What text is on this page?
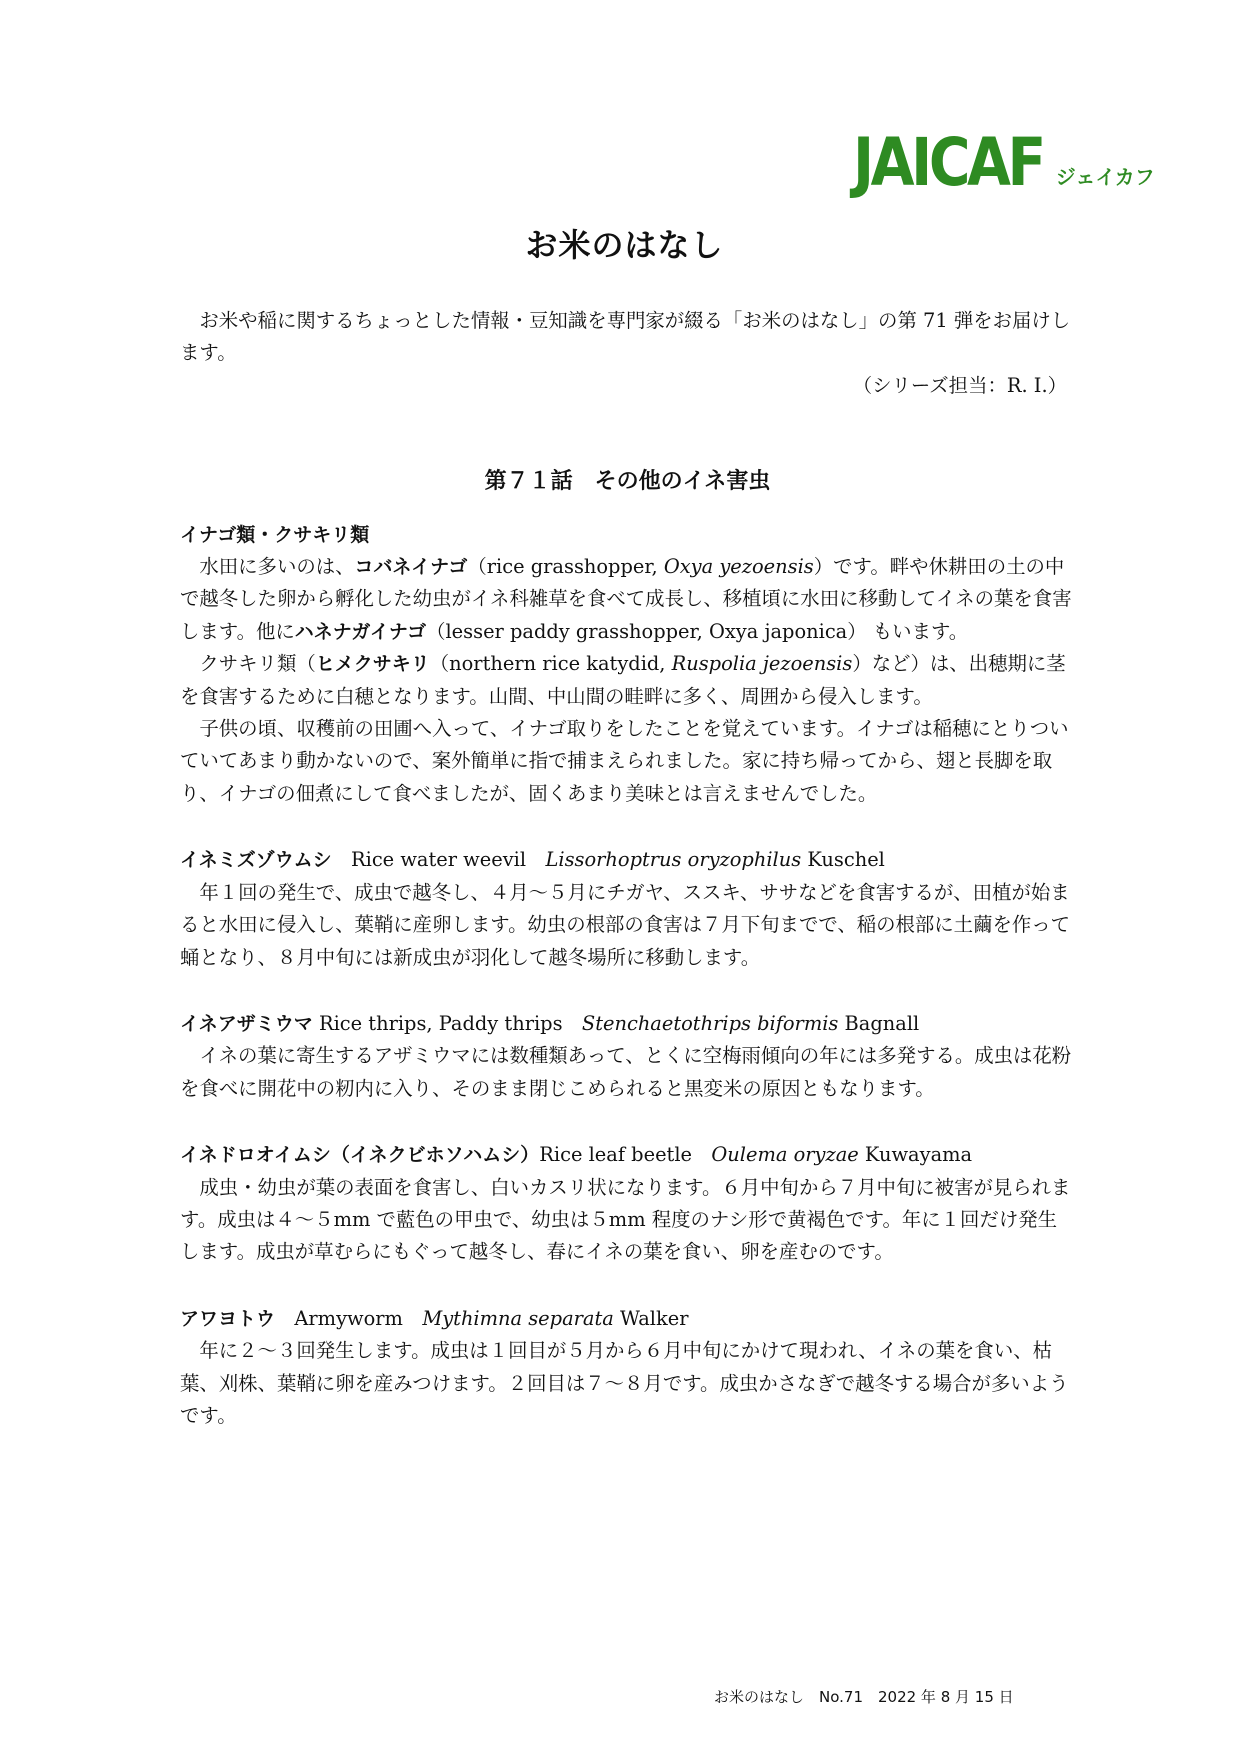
JAICAF ジェイカフ
お米のはなし

お米や稲に関するちょっとした情報・豆知識を専門家が綴る「お米のはなし」の第 71 弾をお届けします。

（シリーズ担当：R. I.）

第７１話　その他のイネ害虫

イナゴ類・クサキリ類

水田に多いのは、コバネイナゴ（rice grasshopper, Oxya yezoensis）です。畔や休耕田の土の中で越冬した卵から孵化した幼虫がイネ科雑草を食べて成長し、移植頃に水田に移動してイネの葉を食害します。他にハネナガイナゴ（lesser paddy grasshopper, Oxya japonica） もいます。

クサキリ類（ヒメクサキリ（northern rice katydid, Ruspolia jezoensis）など）は、出穂期に茎を食害するために白穂となります。山間、中山間の畦畔に多く、周囲から侵入します。

子供の頃、収穫前の田圃へ入って、イナゴ取りをしたことを覚えています。イナゴは稲穂にとりついていてあまり動かないので、案外簡単に指で捕まえられました。家に持ち帰ってから、翅と長脚を取り、イナゴの佃煮にして食べましたが、固くあまり美味とは言えませんでした。

イネミズゾウムシ　 Rice water weevil　 Lissorhoptrus oryzophilus Kuschel

年１回の発生で、成虫で越冬し、４月～５月にチガヤ、ススキ、ササなどを食害するが、田植が始まると水田に侵入し、葉鞘に産卵します。幼虫の根部の食害は７月下旬までで、稲の根部に土繭を作って蛹となり、８月中旬には新成虫が羽化して越冬場所に移動します。

イネアザミウマ Rice thrips, Paddy thrips　 Stenchaetothrips biformis Bagnall

イネの葉に寄生するアザミウマには数種類あって、とくに空梅雨傾向の年には多発する。成虫は花粉を食べに開花中の籾内に入り、そのまま閉じこめられると黒変米の原因ともなります。

イネドロオイムシ（イネクビホソハムシ）Rice leaf beetle　 Oulema oryzae Kuwayama

成虫・幼虫が葉の表面を食害し、白いカスリ状になります。６月中旬から７月中旬に被害が見られます。成虫は４～５mm で藍色の甲虫で、幼虫は５mm 程度のナシ形で黄褐色です。年に１回だけ発生します。成虫が草むらにもぐって越冬し、春にイネの葉を食い、卵を産むのです。

アワヨトウ　 Armyworm　 Mythimna separata Walker

年に２～３回発生します。成虫は１回目が５月から６月中旬にかけて現われ、イネの葉を食い、枯葉、刈株、葉鞘に卵を産みつけます。２回目は７～８月です。成虫かさなぎで越冬する場合が多いようです。

お米のはなし　No.71　2022 年 8 月 15 日
